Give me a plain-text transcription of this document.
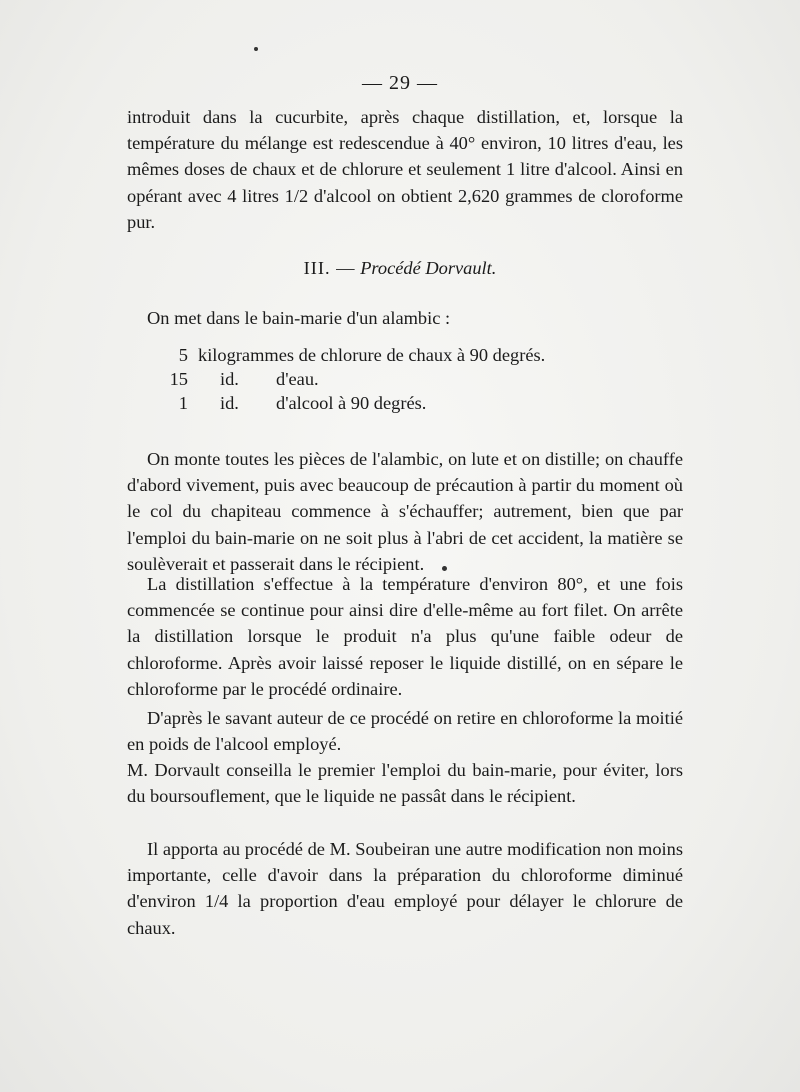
— 29 —

introduit dans la cucurbite, après chaque distillation, et, lorsque la température du mélange est redescendue à 40° environ, 10 litres d'eau, les mêmes doses de chaux et de chlorure et seulement 1 litre d'alcool. Ainsi en opérant avec 4 litres 1/2 d'alcool on obtient 2,620 grammes de cloroforme pur.

III. — Procédé Dorvault.

On met dans le bain-marie d'un alambic :

5 kilogrammes de chlorure de chaux à 90 degrés.
15	id.	d'eau.
1	id.	d'alcool à 90 degrés.

On monte toutes les pièces de l'alambic, on lute et on distille; on chauffe d'abord vivement, puis avec beaucoup de précaution à partir du moment où le col du chapiteau commence à s'échauffer; autrement, bien que par l'emploi du bain-marie on ne soit plus à l'abri de cet accident, la matière se soulèverait et passerait dans le récipient.

La distillation s'effectue à la température d'environ 80°, et une fois commencée se continue pour ainsi dire d'elle-même au fort filet. On arrête la distillation lorsque le produit n'a plus qu'une faible odeur de chloroforme. Après avoir laissé reposer le liquide distillé, on en sépare le chloroforme par le procédé ordinaire.

D'après le savant auteur de ce procédé on retire en chloroforme la moitié en poids de l'alcool employé.

M. Dorvault conseilla le premier l'emploi du bain-marie, pour éviter, lors du boursouflement, que le liquide ne passât dans le récipient.

Il apporta au procédé de M. Soubeiran une autre modification non moins importante, celle d'avoir dans la préparation du chloroforme diminué d'environ 1/4 la proportion d'eau employé pour délayer le chlorure de chaux.
